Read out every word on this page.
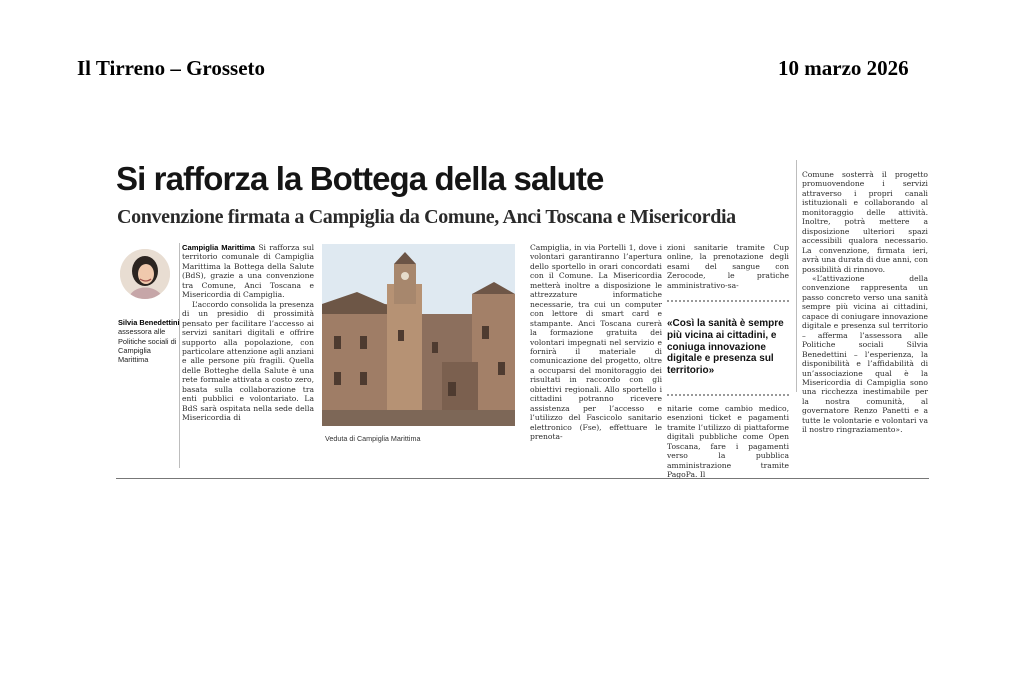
Il Tirreno – Grosseto	10 marzo 2026
Si rafforza la Bottega della salute
Convenzione firmata a Campiglia da Comune, Anci Toscana e Misericordia
Silvia Benedettini
assessora alle Politiche sociali di Campiglia Marittima

Campiglia Marittima Si rafforza sul territorio comunale di Campiglia Marittima la Bottega della Salute (BdS), grazie a una convenzione tra Comune, Anci Toscana e Misericordia di Campiglia.

L’accordo consolida la presenza di un presidio di prossimità pensato per facilitare l’accesso ai servizi sanitari digitali e offrire supporto alla popolazione, con particolare attenzione agli anziani e alle persone più fragili. Quella delle Botteghe della Salute è una rete formale attivata a costo zero, basata sulla collaborazione tra enti pubblici e volontariato. La BdS sarà ospitata nella sede della Misericordia di

Veduta di Campiglia Marittima

Campiglia, in via Portelli 1, dove i volontari garantiranno l’apertura dello sportello in orari concordati con il Comune. La Misericordia metterà inoltre a disposizione le attrezzature informatiche necessarie, tra cui un computer con lettore di smart card e stampante. Anci Toscana curerà la formazione gratuita dei volontari impegnati nel servizio e fornirà il materiale di comunicazione del progetto, oltre a occuparsi del monitoraggio dei risultati in raccordo con gli obiettivi regionali. Allo sportello i cittadini potranno ricevere assistenza per l’accesso e l’utilizzo del Fascicolo sanitario elettronico (Fse), effettuare le prenota-

zioni sanitarie tramite Cup online, la prenotazione degli esami del sangue con Zerocode, le pratiche amministrativo-sa-

«Così la sanità è sempre più vicina ai cittadini, e coniuga innovazione digitale e presenza sul territorio»

nitarie come cambio medico, esenzioni ticket e pagamenti tramite l’utilizzo di piattaforme digitali pubbliche come Open Toscana, fare i pagamenti verso la pubblica amministrazione tramite PagoPa. Il

Comune sosterrà il progetto promuovendone i servizi attraverso i propri canali istituzionali e collaborando al monitoraggio delle attività. Inoltre, potrà mettere a disposizione ulteriori spazi accessibili qualora necessario. La convenzione, firmata ieri, avrà una durata di due anni, con possibilità di rinnovo.

«L’attivazione della convenzione rappresenta un passo concreto verso una sanità sempre più vicina ai cittadini, capace di coniugare innovazione digitale e presenza sul territorio – afferma l’assessora alle Politiche sociali Silvia Benedettini – l’esperienza, la disponibilità e l’affidabilità di un’associazione qual è la Misericordia di Campiglia sono una ricchezza inestimabile per la nostra comunità, al governatore Renzo Panetti e a tutte le volontarie e volontari va il nostro ringraziamento».
